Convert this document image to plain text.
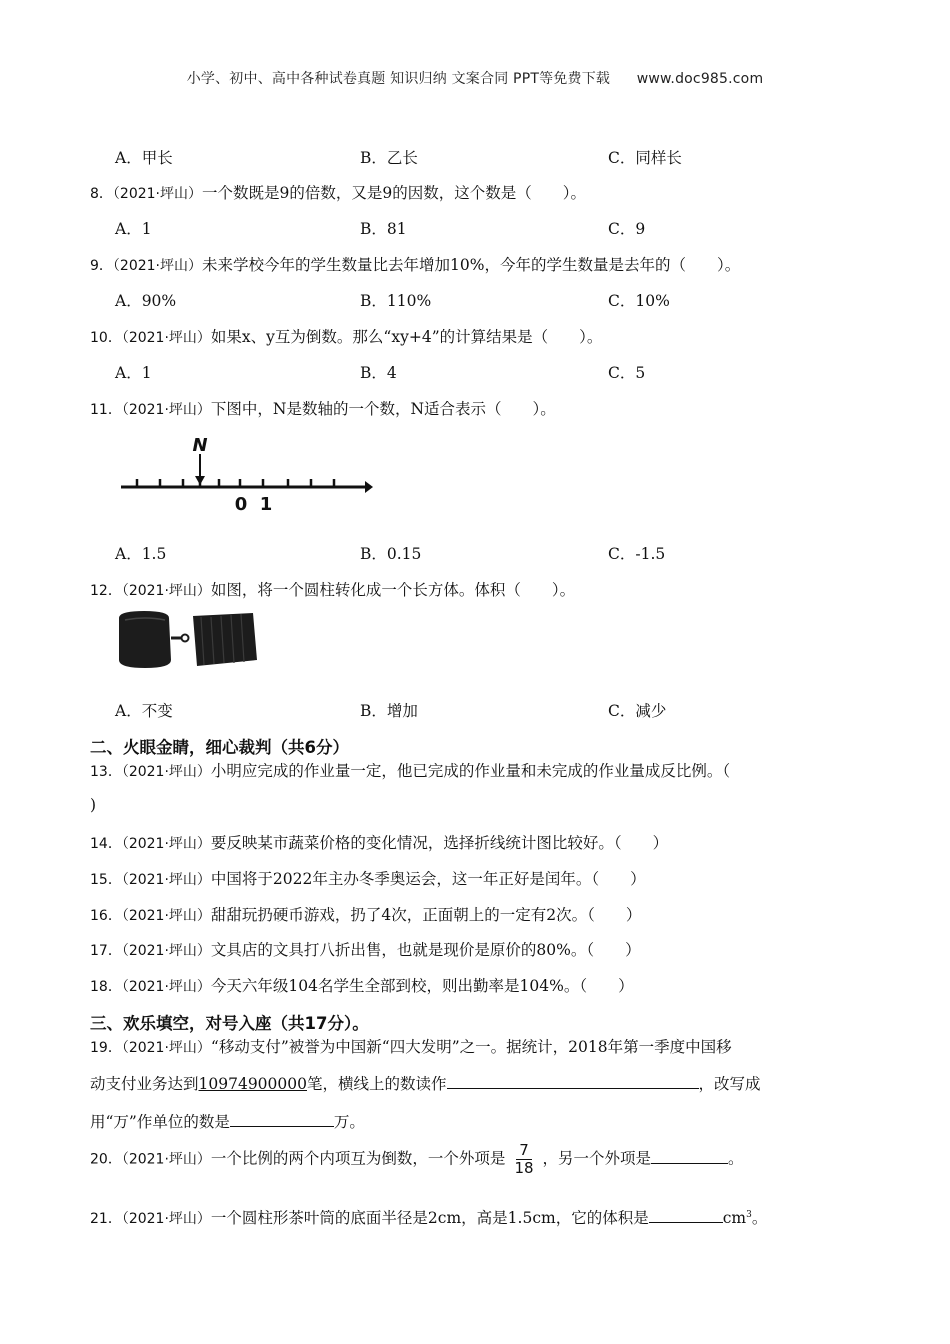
小学、初中、高中各种试卷真题 知识归纳 文案合同 PPT等免费下载 www.doc985.com
A．甲长	B．乙长	C．同样长
8．（2021·坪山）一个数既是9的倍数，又是9的因数，这个数是（　　）。
A．1	B．81	C．9
9．（2021·坪山）未来学校今年的学生数量比去年增加10%，今年的学生数量是去年的（　　）。
A．90%	B．110%	C．10%
10．（2021·坪山）如果x、y互为倒数。那么“xy+4”的计算结果是（　　）。
A．1	B．4	C．5
11．（2021·坪山）下图中，N是数轴的一个数，N适合表示（　　）。
N
0 1
A．1.5	B．0.15	C．-1.5
12．（2021·坪山）如图，将一个圆柱转化成一个长方体。体积（　　）。
A．不变	B．增加	C．减少
二、火眼金睛，细心裁判（共6分）
13．（2021·坪山）小明应完成的作业量一定，他已完成的作业量和未完成的作业量成反比例。（
)
14．（2021·坪山）要反映某市蔬菜价格的变化情况，选择折线统计图比较好。（　　）
15．（2021·坪山）中国将于2022年主办冬季奥运会，这一年正好是闰年。（　　）
16．（2021·坪山）甜甜玩扔硬币游戏，扔了4次，正面朝上的一定有2次。（　　）
17．（2021·坪山）文具店的文具打八折出售，也就是现价是原价的80%。（　　）
18．（2021·坪山）今天六年级104名学生全部到校，则出勤率是104%。（　　）
三、欢乐填空，对号入座（共17分）。
19．（2021·坪山）“移动支付”被誉为中国新“四大发明”之一。据统计，2018年第一季度中国移
动支付业务达到10974900000笔，横线上的数读作	，改写成
用“万”作单位的数是	万。
20．（2021·坪山）一个比例的两个内项互为倒数，一个外项是 $\frac{7}{18}$ ，另一个外项是	。
21．（2021·坪山）一个圆柱形茶叶筒的底面半径是2cm，高是1.5cm，它的体积是	$cm^3$。
